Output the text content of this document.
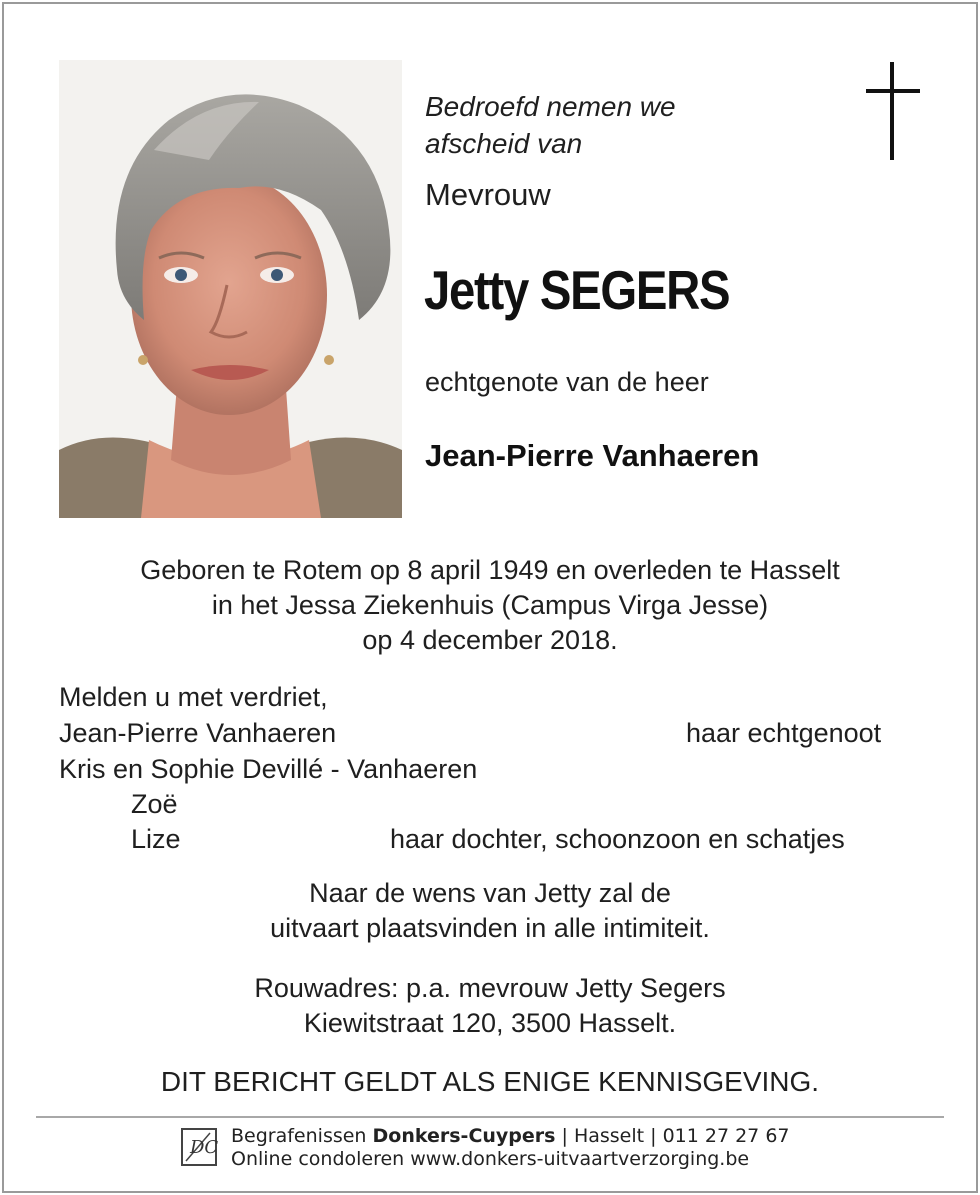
Bedroefd nemen we
afscheid van
Mevrouw
Jetty SEGERS
echtgenote van de heer
Jean-Pierre Vanhaeren
Geboren te Rotem op 8 april 1949 en overleden te Hasselt
in het Jessa Ziekenhuis (Campus Virga Jesse)
op 4 december 2018.
Melden u met verdriet,
Jean-Pierre Vanhaeren	haar echtgenoot
Kris en Sophie Devillé - Vanhaeren
Zoë
Lize	haar dochter, schoonzoon en schatjes
Naar de wens van Jetty zal de
uitvaart plaatsvinden in alle intimiteit.
Rouwadres: p.a. mevrouw Jetty Segers
Kiewitstraat 120, 3500 Hasselt.
DIT BERICHT GELDT ALS ENIGE KENNISGEVING.
DC
Begrafenissen Donkers-Cuypers | Hasselt | 011 27 27 67
Online condoleren www.donkers-uitvaartverzorging.be
